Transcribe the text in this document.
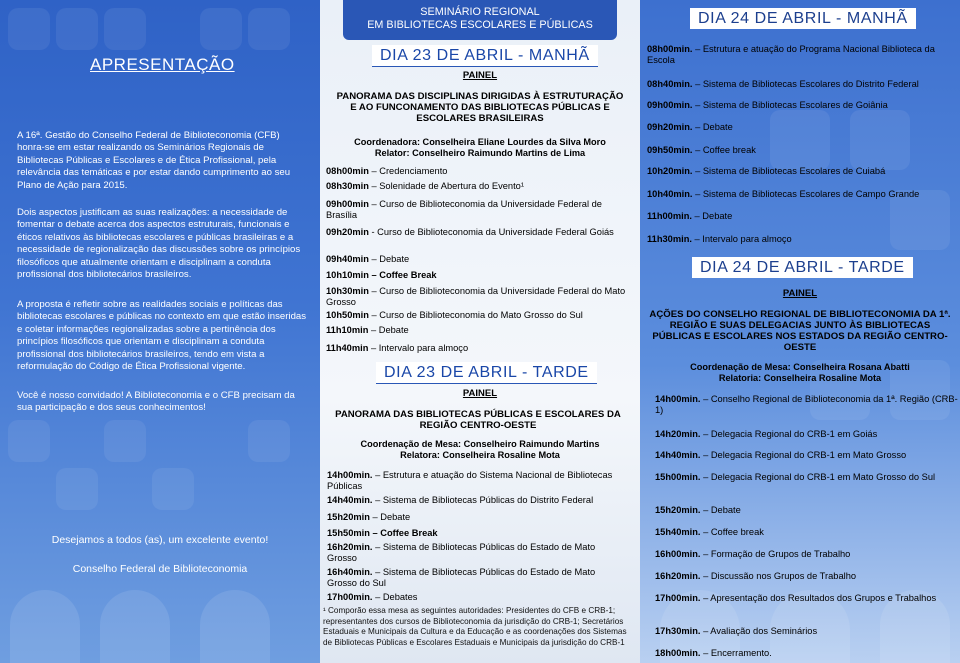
APRESENTAÇÃO

A 16ª. Gestão do Conselho Federal de Biblioteconomia (CFB) honra-se em estar realizando os Seminários Regionais de Bibliotecas Públicas e Escolares e de Ética Profissional, pela relevância das temáticas e por estar dando cumprimento ao seu Plano de Ação para 2015.

Dois aspectos justificam as suas realizações: a necessidade de fomentar o debate acerca dos aspectos estruturais, funcionais e éticos relativos às bibliotecas escolares e públicas brasileiras e a necessidade de regionalização das discussões sobre os princípios filosóficos que atualmente orientam e disciplinam a conduta profissional dos bibliotecários brasileiros.

A proposta é refletir sobre as realidades sociais e políticas das bibliotecas escolares e públicas no contexto em que estão inseridas e coletar informações regionalizadas sobre a pertinência dos princípios filosóficos que orientam e disciplinam a conduta profissional dos bibliotecários brasileiros, tendo em vista a reformulação do Código de Ética Profissional vigente.

Você é nosso convidado! A Biblioteconomia e o CFB precisam da sua participação e dos seus conhecimentos!

Desejamos a todos (as), um excelente evento!
Conselho Federal de Biblioteconomia
SEMINÁRIO REGIONAL
EM BIBLIOTECAS ESCOLARES E PÚBLICAS
DIA 23 DE ABRIL - MANHÃ
PAINEL
PANORAMA DAS DISCIPLINAS DIRIGIDAS À ESTRUTURAÇÃO E AO FUNCONAMENTO DAS BIBLIOTECAS PÚBLICAS E ESCOLARES BRASILEIRAS
Coordenadora: Conselheira Eliane Lourdes da Silva Moro
Relator: Conselheiro Raimundo Martins de Lima
08h00min – Credenciamento
08h30min – Solenidade de Abertura do Evento¹
09h00min – Curso de Biblioteconomia da Universidade Federal de Brasília
09h20min - Curso de Biblioteconomia da Universidade Federal Goiás
09h40min – Debate
10h10min – Coffee Break
10h30min – Curso de Biblioteconomia da Universidade Federal do Mato Grosso
10h50min – Curso de Biblioteconomia do Mato Grosso do Sul
11h10min – Debate
11h40min – Intervalo para almoço
DIA 23 DE ABRIL - TARDE
PAINEL
PANORAMA DAS BIBLIOTECAS PÚBLICAS E ESCOLARES DA REGIÃO CENTRO-OESTE
Coordenação de Mesa: Conselheiro Raimundo Martins
Relatora: Conselheira Rosaline Mota
14h00min. – Estrutura e atuação do Sistema Nacional de Bibliotecas Públicas
14h40min. – Sistema de Bibliotecas Públicas do Distrito Federal
15h20min – Debate
15h50min – Coffee Break
16h20min. – Sistema de Bibliotecas Públicas do Estado de Mato Grosso
16h40min. – Sistema de Bibliotecas Públicas do Estado de Mato Grosso do Sul
17h00min. – Debates

¹ Comporão essa mesa as seguintes autoridades: Presidentes do CFB e CRB-1; representantes dos cursos de Biblioteconomia da jurisdição do CRB-1; Secretários Estaduais e Municipais da Cultura e da Educação e as coordenações dos Sistemas de Bibliotecas Públicas e Escolares Estaduais e Municipais da jurisdição do CRB-1

DIA 24 DE ABRIL - MANHÃ
08h00min. – Estrutura e atuação do Programa Nacional Biblioteca da Escola
08h40min. – Sistema de Bibliotecas Escolares do Distrito Federal
09h00min. – Sistema de Bibliotecas Escolares de Goiânia
09h20min. – Debate
09h50min. – Coffee break
10h20min. – Sistema de Bibliotecas Escolares de Cuiabá
10h40min. – Sistema de Bibliotecas Escolares de Campo Grande
11h00min. – Debate
11h30min. – Intervalo para almoço
DIA 24 DE ABRIL - TARDE
PAINEL
AÇÕES DO CONSELHO REGIONAL DE BIBLIOTECONOMIA DA 1ª. REGIÃO E SUAS DELEGACIAS JUNTO ÀS BIBLIOTECAS PÚBLICAS E ESCOLARES NOS ESTADOS DA REGIÃO CENTRO-OESTE
Coordenação de Mesa: Conselheira Rosana Abatti
Relatoria: Conselheira Rosaline Mota
14h00min. – Conselho Regional de Biblioteconomia da 1ª. Região (CRB-1)
14h20min. – Delegacia Regional do CRB-1 em Goiás
14h40min. – Delegacia Regional do CRB-1 em Mato Grosso
15h00min. – Delegacia Regional do CRB-1 em Mato Grosso do Sul
15h20min. – Debate
15h40min. – Coffee break
16h00min. – Formação de Grupos de Trabalho
16h20min. – Discussão nos Grupos de Trabalho
17h00min. – Apresentação dos Resultados dos Grupos e Trabalhos
17h30min. – Avaliação dos Seminários
18h00min. – Encerramento.
